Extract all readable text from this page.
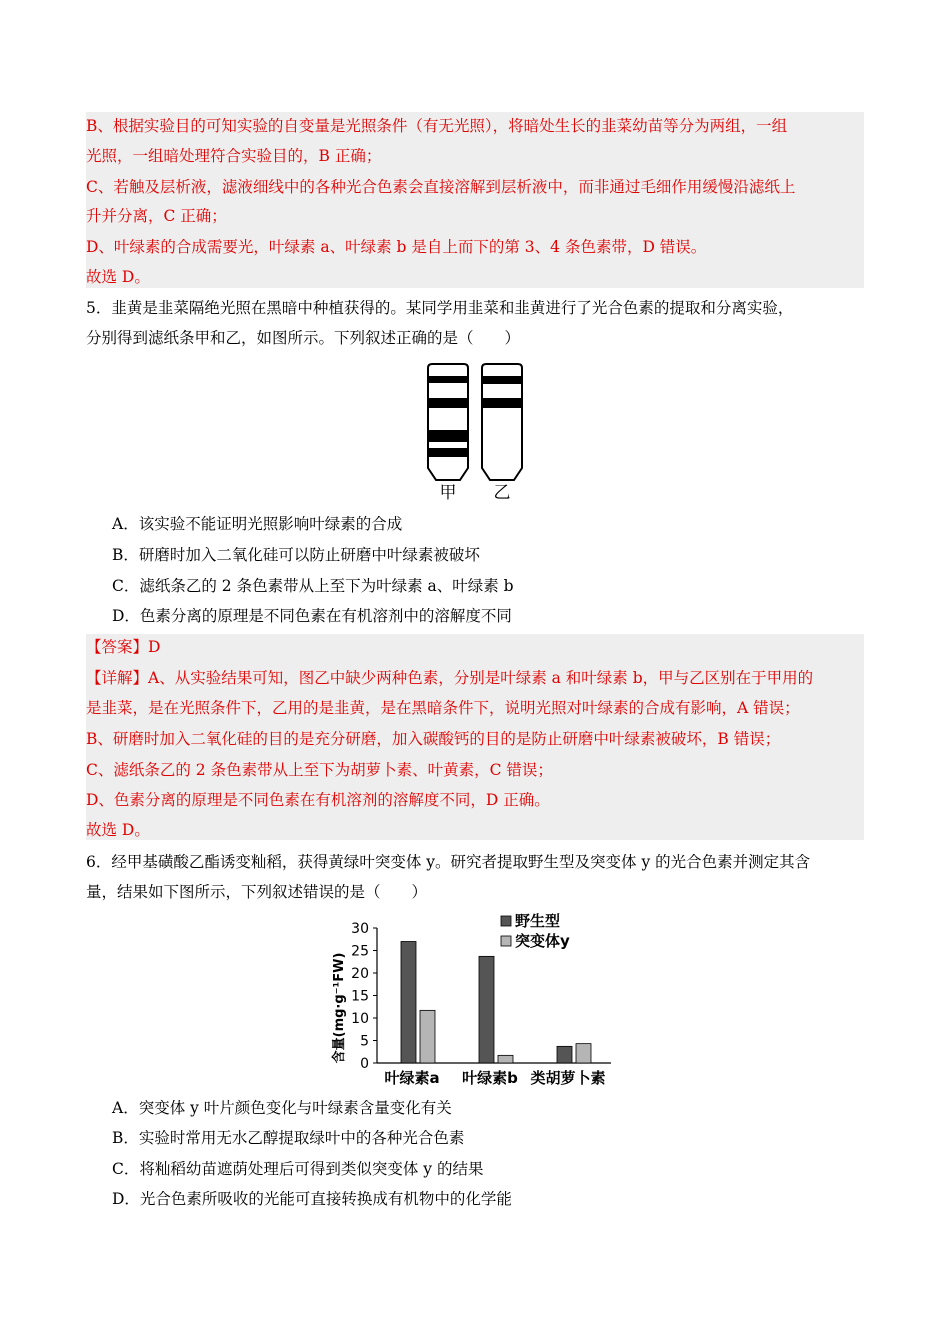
B、根据实验目的可知实验的自变量是光照条件（有无光照），将暗处生长的韭菜幼苗等分为两组，一组
光照，一组暗处理符合实验目的，B 正确；
C、若触及层析液，滤液细线中的各种光合色素会直接溶解到层析液中，而非通过毛细作用缓慢沿滤纸上
升并分离，C 正确；
D、叶绿素的合成需要光，叶绿素 a、叶绿素 b 是自上而下的第 3、4 条色素带，D 错误。
故选 D。
5．韭黄是韭菜隔绝光照在黑暗中种植获得的。某同学用韭菜和韭黄进行了光合色素的提取和分离实验，
分别得到滤纸条甲和乙，如图所示。下列叙述正确的是（　　）
甲 乙
A．该实验不能证明光照影响叶绿素的合成
B．研磨时加入二氧化硅可以防止研磨中叶绿素被破坏
C．滤纸条乙的 2 条色素带从上至下为叶绿素 a、叶绿素 b
D．色素分离的原理是不同色素在有机溶剂中的溶解度不同
【答案】D
【详解】A、从实验结果可知，图乙中缺少两种色素，分别是叶绿素 a 和叶绿素 b，甲与乙区别在于甲用的
是韭菜，是在光照条件下，乙用的是韭黄，是在黑暗条件下，说明光照对叶绿素的合成有影响，A 错误；
B、研磨时加入二氧化硅的目的是充分研磨，加入碳酸钙的目的是防止研磨中叶绿素被破坏，B 错误；
C、滤纸条乙的 2 条色素带从上至下为胡萝卜素、叶黄素，C 错误；
D、色素分离的原理是不同色素在有机溶剂的溶解度不同，D 正确。
故选 D。
6．经甲基磺酸乙酯诱变籼稻，获得黄绿叶突变体 y。研究者提取野生型及突变体 y 的光合色素并测定其含
量，结果如下图所示，下列叙述错误的是（　　）
0
5
10
15
20
25
30
含量(mg·g⁻¹FW)
叶绿素a 叶绿素b 类胡萝卜素
野生型
突变体y
A．突变体 y 叶片颜色变化与叶绿素含量变化有关
B．实验时常用无水乙醇提取绿叶中的各种光合色素
C．将籼稻幼苗遮荫处理后可得到类似突变体 y 的结果
D．光合色素所吸收的光能可直接转换成有机物中的化学能
